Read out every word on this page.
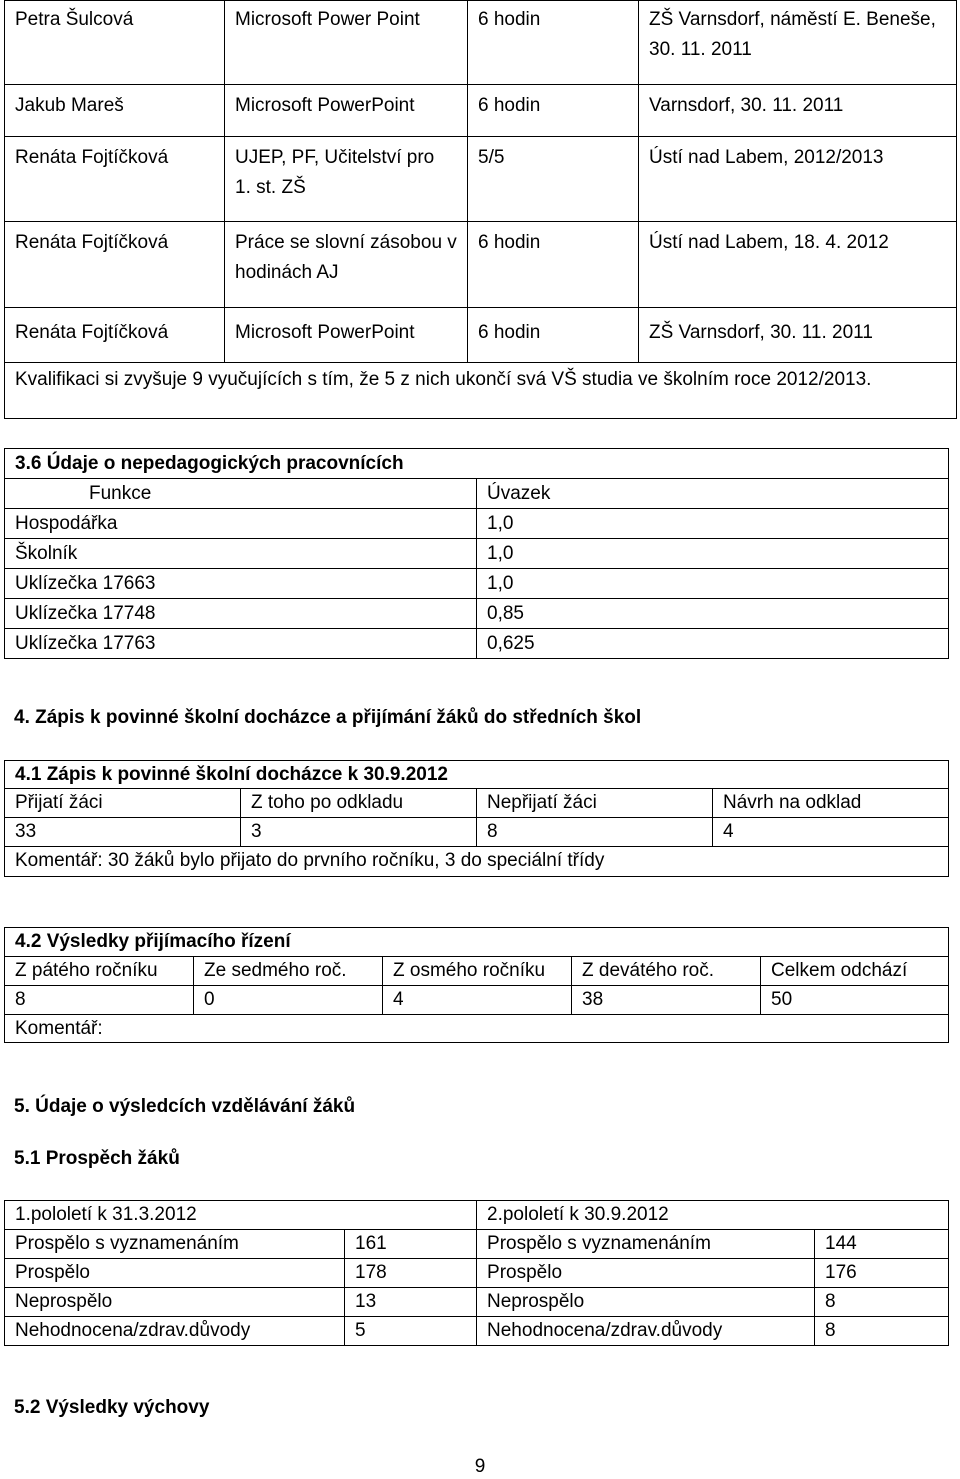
Petra Šulcová	Microsoft Power Point	6 hodin	ZŠ Varnsdorf, náměstí E. Beneše, 30. 11. 2011
Jakub Mareš	Microsoft PowerPoint	6 hodin	Varnsdorf, 30. 11. 2011
Renáta Fojtíčková	UJEP, PF, Učitelství pro 1. st. ZŠ	5/5	Ústí nad Labem, 2012/2013
Renáta Fojtíčková	Práce se slovní zásobou v hodinách AJ	6 hodin	Ústí nad Labem, 18. 4. 2012
Renáta Fojtíčková	Microsoft PowerPoint	6 hodin	ZŠ Varnsdorf, 30. 11. 2011
Kvalifikaci si zvyšuje 9 vyučujících s tím, že 5 z nich ukončí svá VŠ studia ve školním roce 2012/2013.			
3.6 Údaje o nepedagogických pracovnících	
Funkce	Úvazek
Hospodářka	1,0
Školník	1,0
Uklízečka 17663	1,0
Uklízečka 17748	0,85
Uklízečka 17763	0,625
4. Zápis k povinné školní docházce a přijímání žáků do středních škol
4.1 Zápis k povinné školní docházce k 30.9.2012			
Přijatí žáci	Z toho po odkladu	Nepřijatí žáci	Návrh na odklad
33	3	8	4
Komentář: 30 žáků bylo přijato do prvního ročníku, 3 do speciální třídy			
4.2 Výsledky přijímacího řízení				
Z pátého ročníku	Ze sedmého roč.	Z osmého ročníku	Z devátého roč.	Celkem odchází
8	0	4	38	50
Komentář:				
5. Údaje o výsledcích vzdělávání žáků
5.1 Prospěch žáků
1.pololetí k 31.3.2012		2.pololetí k 30.9.2012	
Prospělo s vyznamenáním	161	Prospělo s vyznamenáním	144
Prospělo	178	Prospělo	176
Neprospělo	13	Neprospělo	8
Nehodnocena/zdrav.důvody	5	Nehodnocena/zdrav.důvody	8
5.2 Výsledky výchovy
9
